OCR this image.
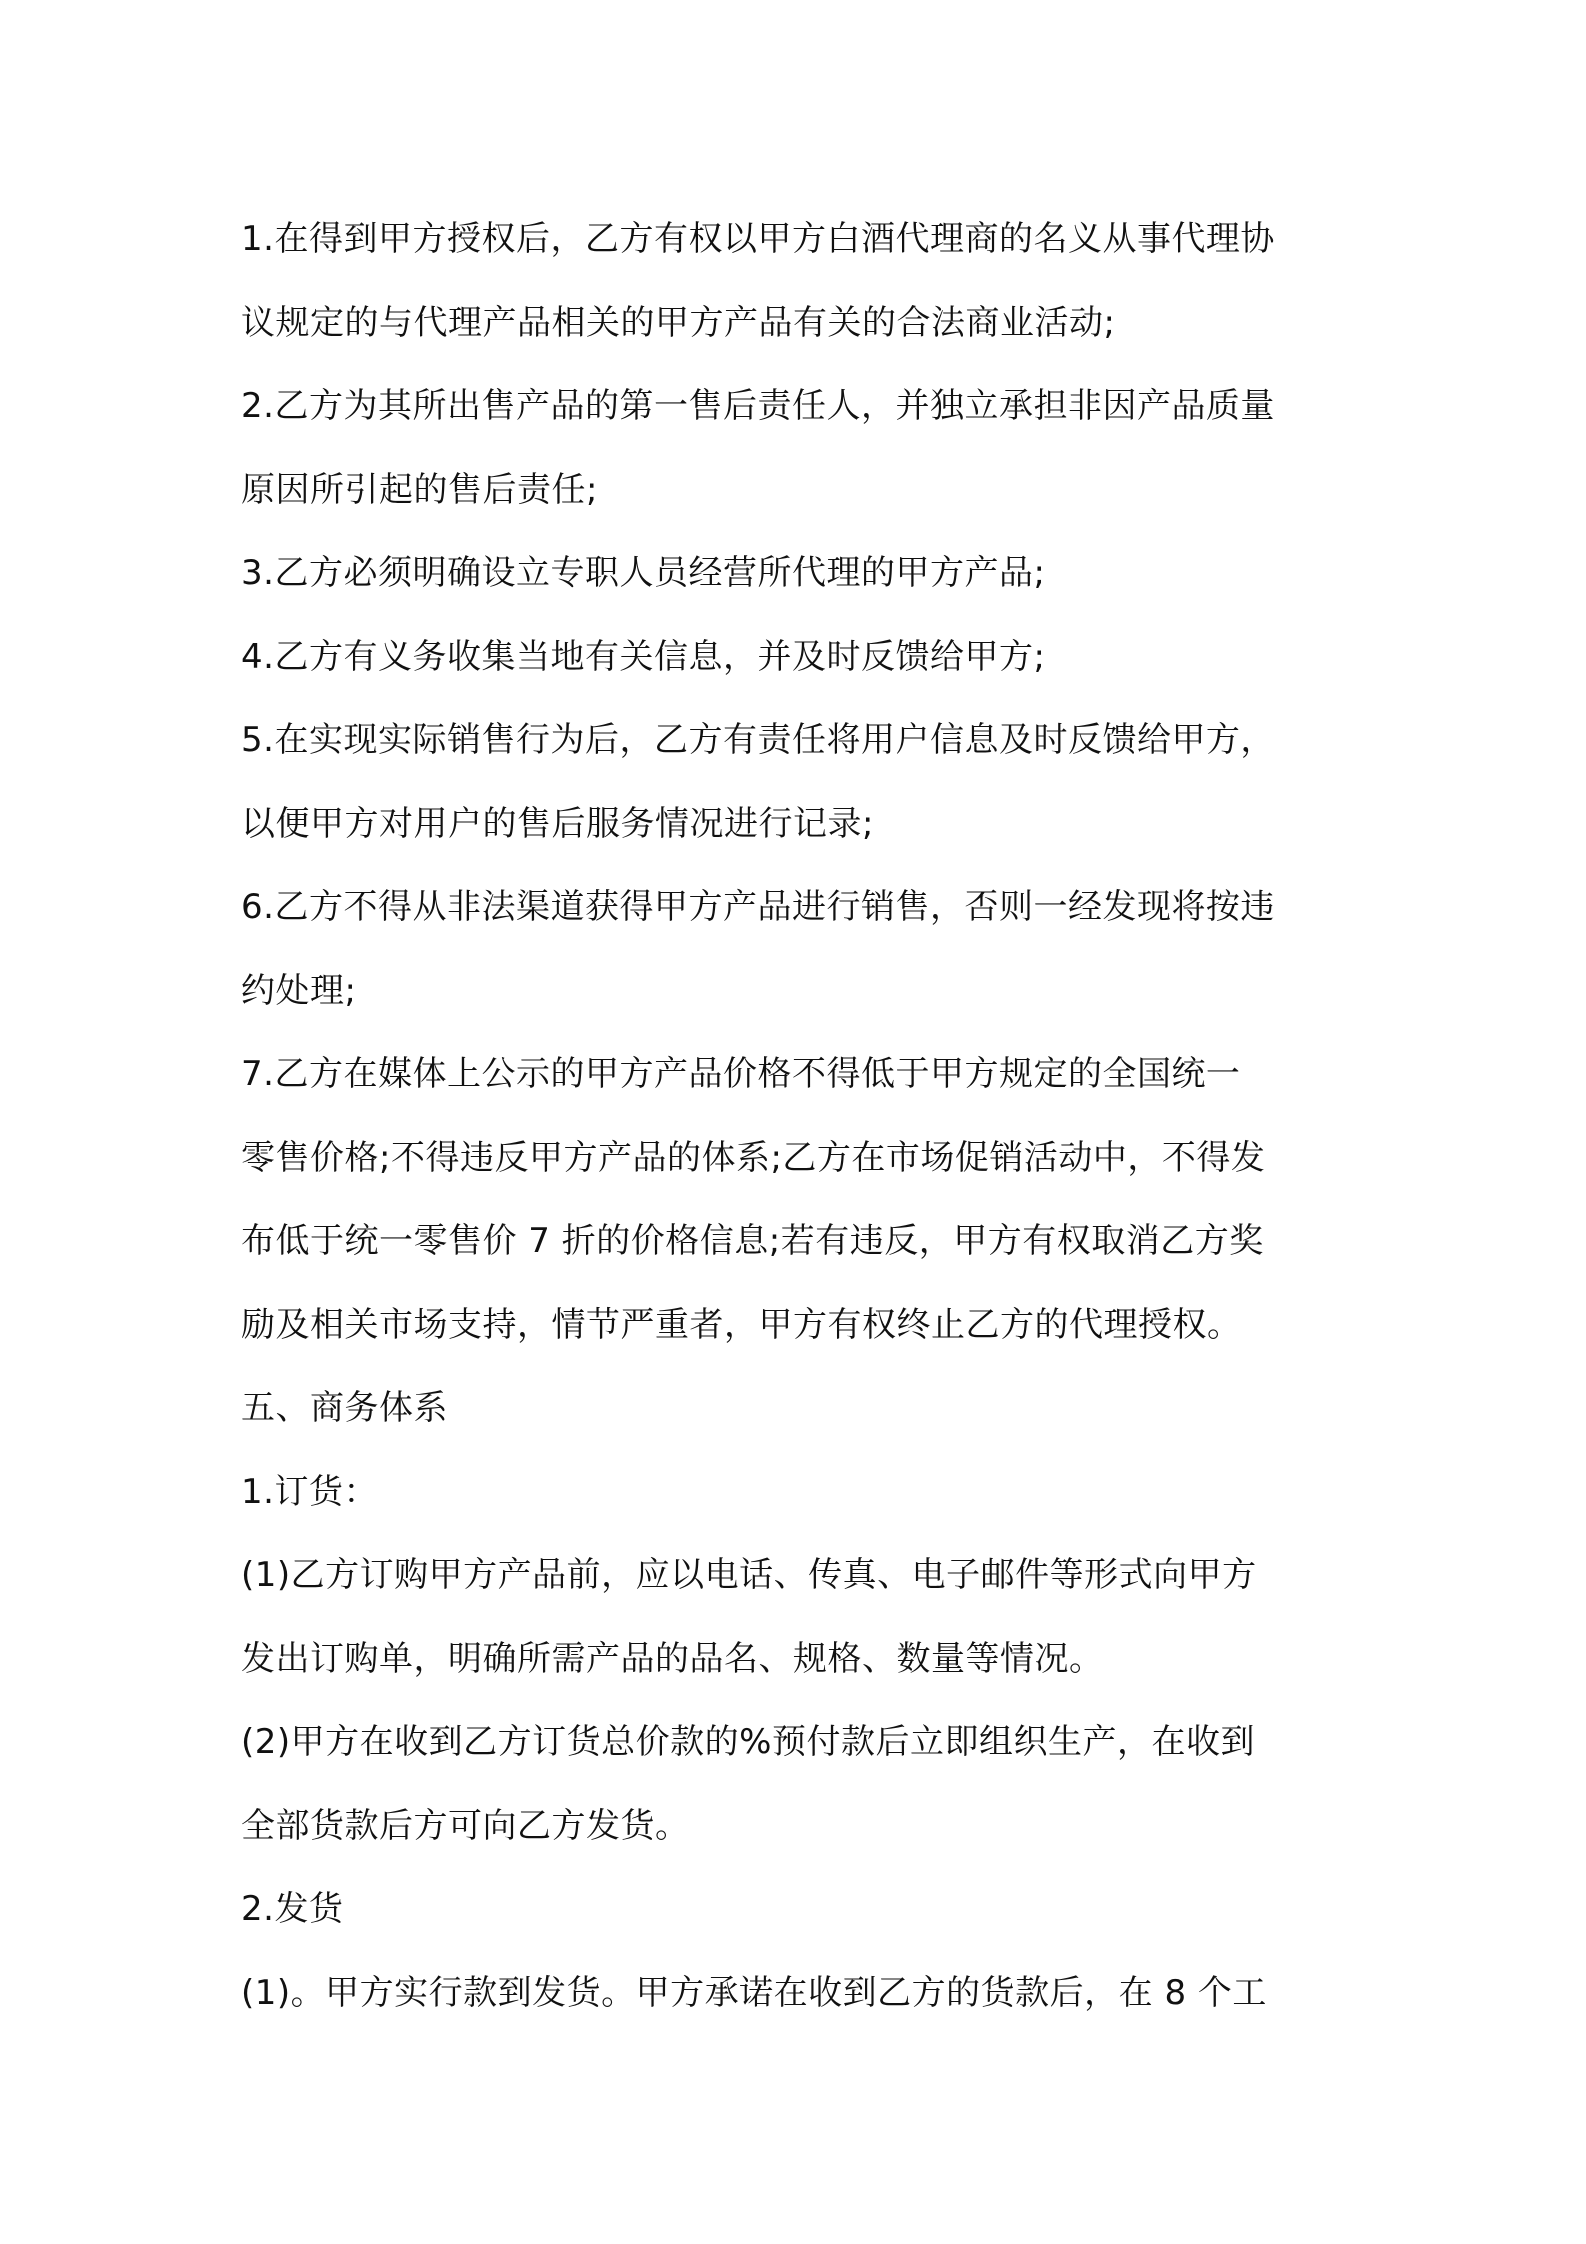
1.在得到甲方授权后，乙方有权以甲方白酒代理商的名义从事代理协
议规定的与代理产品相关的甲方产品有关的合法商业活动;
2.乙方为其所出售产品的第一售后责任人，并独立承担非因产品质量
原因所引起的售后责任;
3.乙方必须明确设立专职人员经营所代理的甲方产品;
4.乙方有义务收集当地有关信息，并及时反馈给甲方;
5.在实现实际销售行为后，乙方有责任将用户信息及时反馈给甲方，
以便甲方对用户的售后服务情况进行记录;
6.乙方不得从非法渠道获得甲方产品进行销售，否则一经发现将按违
约处理;
7.乙方在媒体上公示的甲方产品价格不得低于甲方规定的全国统一
零售价格;不得违反甲方产品的体系;乙方在市场促销活动中，不得发
布低于统一零售价 7 折的价格信息;若有违反，甲方有权取消乙方奖
励及相关市场支持，情节严重者，甲方有权终止乙方的代理授权。
五、商务体系
1.订货：
(1)乙方订购甲方产品前，应以电话、传真、电子邮件等形式向甲方
发出订购单，明确所需产品的品名、规格、数量等情况。
(2)甲方在收到乙方订货总价款的%预付款后立即组织生产，在收到
全部货款后方可向乙方发货。
2.发货
(1)。甲方实行款到发货。甲方承诺在收到乙方的货款后，在 8 个工
